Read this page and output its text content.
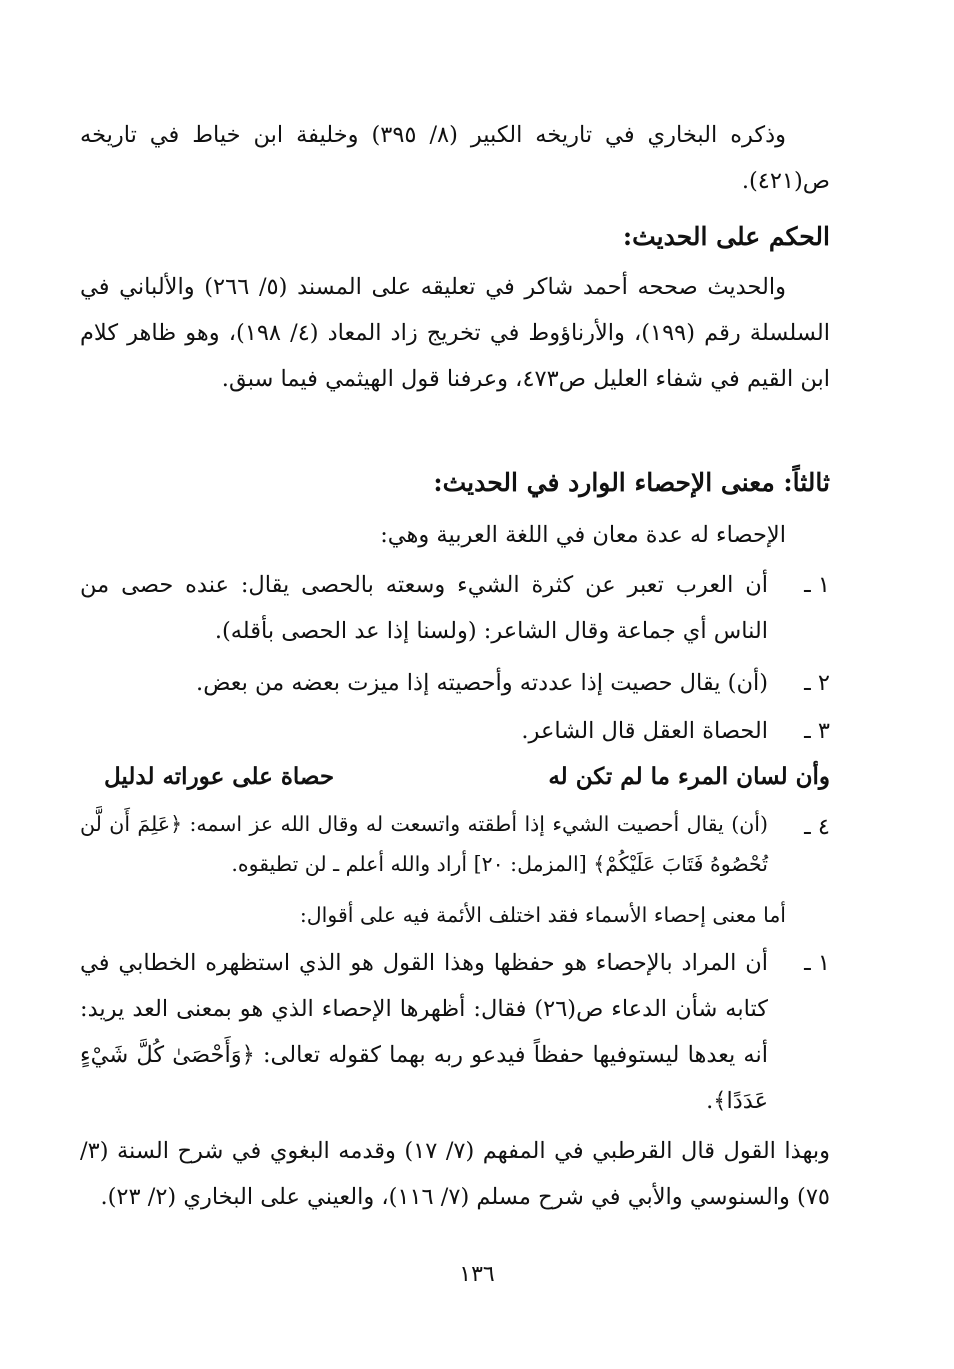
وذكره البخاري في تاريخه الكبير (٨/ ٣٩٥) وخليفة ابن خياط في تاريخه ص(٤٢١).

الحكم على الحديث:

والحديث صححه أحمد شاكر في تعليقه على المسند (٥/ ٢٦٦) والألباني في السلسلة رقم (١٩٩)، والأرناؤوط في تخريج زاد المعاد (٤/ ١٩٨)، وهو ظاهر كلام ابن القيم في شفاء العليل ص٤٧٣، وعرفنا قول الهيثمي فيما سبق.

ثالثاً: معنى الإحصاء الوارد في الحديث:

الإحصاء له عدة معان في اللغة العربية وهي:

١ ـ
أن العرب تعبر عن كثرة الشيء وسعته بالحصى يقال: عنده حصى من الناس أي جماعة وقال الشاعر: (ولسنا إذا عد الحصى بأقله).
٢ ـ
(أن) يقال حصيت إذا عددته وأحصيته إذا ميزت بعضه من بعض.
٣ ـ
الحصاة العقل قال الشاعر.
وأن لسان المرء ما لم تكن له
حصاة على عوراته لدليل
٤ ـ
(أن) يقال أحصيت الشيء إذا أطقته واتسعت له وقال الله عز اسمه: ﴿عَلِمَ أَن لَّن تُحْصُوهُ فَتَابَ عَلَيْكُمْ﴾ [المزمل: ٢٠] أراد والله أعلم ـ لن تطيقوه.

أما معنى إحصاء الأسماء فقد اختلف الأئمة فيه على أقوال:

١ ـ
أن المراد بالإحصاء هو حفظها وهذا القول هو الذي استظهره الخطابي في كتابه شأن الدعاء ص(٢٦) فقال: أظهرها الإحصاء الذي هو بمعنى العد يريد: أنه يعدها ليستوفيها حفظاً فيدعو ربه بهما كقوله تعالى: ﴿وَأَحْصَىٰ كُلَّ شَيْءٍ عَدَدًا﴾.

وبهذا القول قال القرطبي في المفهم (٧/ ١٧) وقدمه البغوي في شرح السنة (٣/ ٧٥) والسنوسي والأبي في شرح مسلم (٧/ ١١٦)، والعيني على البخاري (٢/ ٢٣).

١٣٦
